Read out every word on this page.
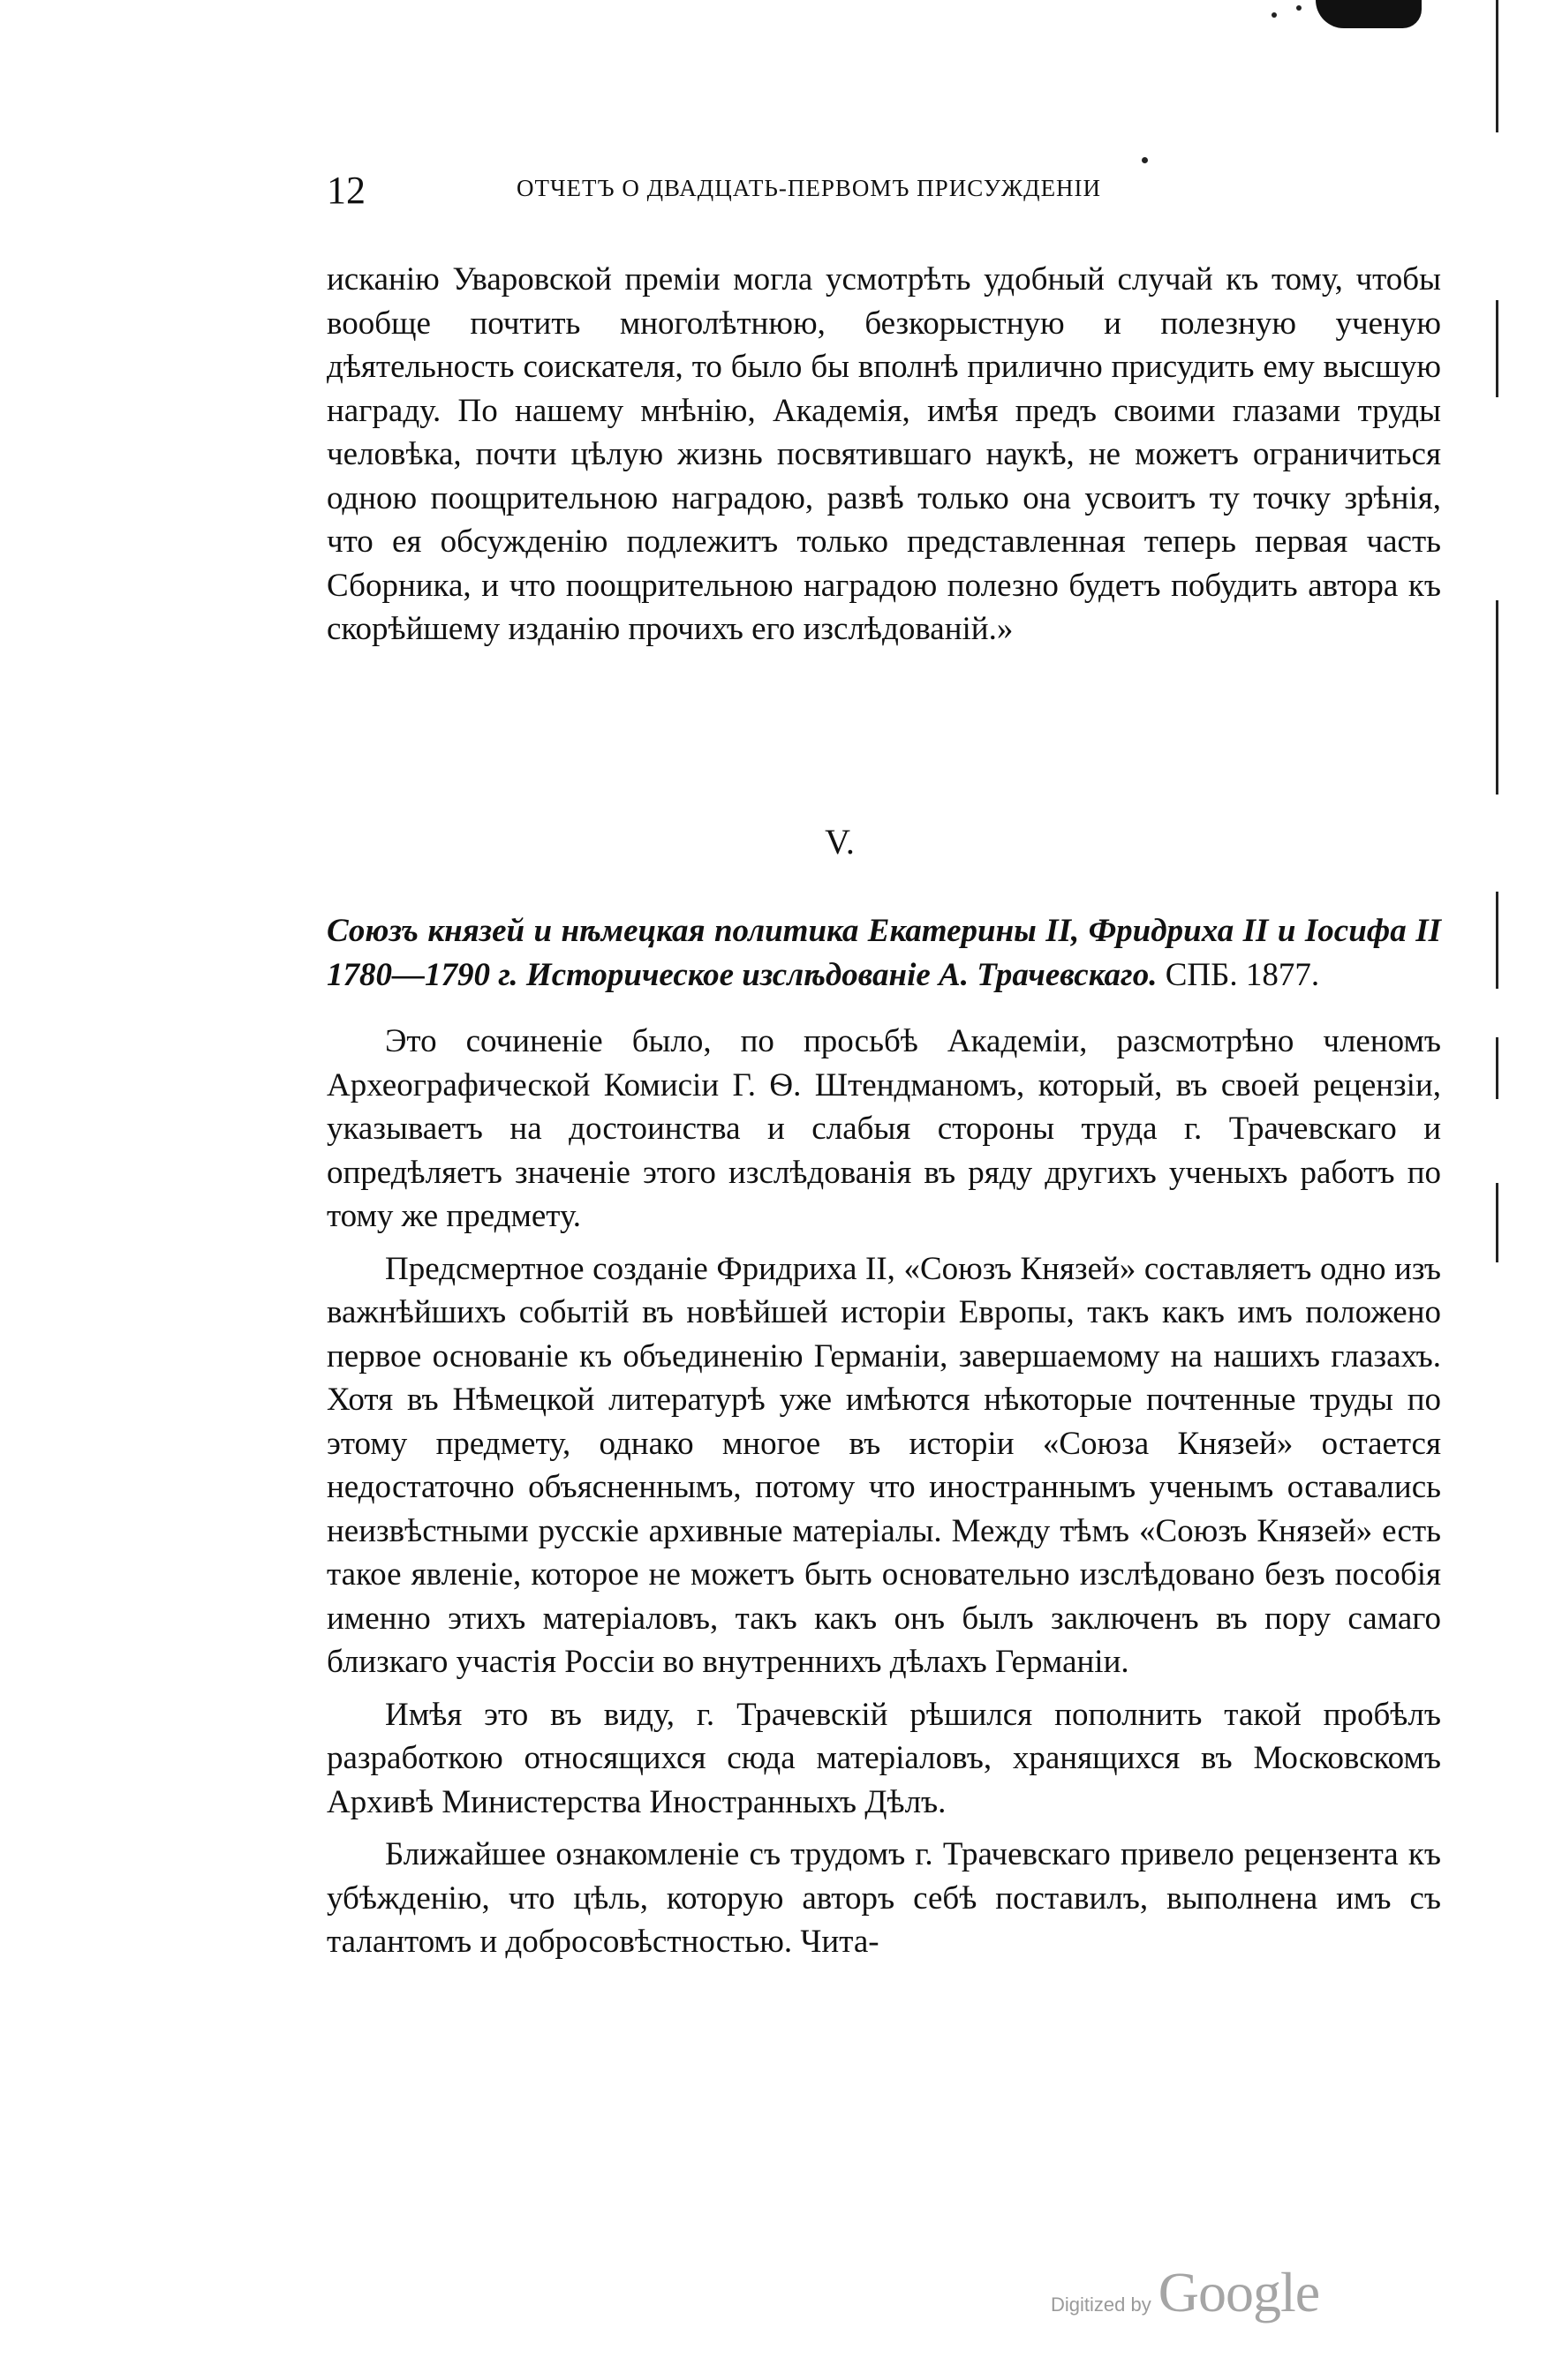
12	ОТЧЕТЪ О ДВАДЦАТЬ-ПЕРВОМЪ ПРИСУЖДЕНІИ

исканію Уваровской преміи могла усмотрѣть удобный случай къ тому, чтобы вообще почтить многолѣтнюю, безкорыстную и полезную ученую дѣятельность соискателя, то было бы вполнѣ прилично присудить ему высшую награду. По нашему мнѣнію, Академія, имѣя предъ своими глазами труды человѣка, почти цѣлую жизнь посвятившаго наукѣ, не можетъ ограничиться одною поощрительною наградою, развѣ только она усвоитъ ту точку зрѣнія, что ея обсужденію подлежитъ только представленная теперь первая часть Сборника, и что поощрительною наградою полезно будетъ побудить автора къ скорѣйшему изданію прочихъ его изслѣдованій.»

V.

Союзъ князей и нѣмецкая политика Екатерины II, Фридриха II и Іосифа II 1780—1790 г. Историческое изслѣдованіе А. Трачевскаго. СПБ. 1877.

Это сочиненіе было, по просьбѣ Академіи, разсмотрѣно членомъ Археографической Комисіи Г. Ѳ. Штендманомъ, который, въ своей рецензіи, указываетъ на достоинства и слабыя стороны труда г. Трачевскаго и опредѣляетъ значеніе этого изслѣдованія въ ряду другихъ ученыхъ работъ по тому же предмету.

Предсмертное созданіе Фридриха II, «Союзъ Князей» составляетъ одно изъ важнѣйшихъ событій въ новѣйшей исторіи Европы, такъ какъ имъ положено первое основаніе къ объединенію Германіи, завершаемому на нашихъ глазахъ. Хотя въ Нѣмецкой литературѣ уже имѣются нѣкоторые почтенные труды по этому предмету, однако многое въ исторіи «Союза Князей» остается недостаточно объясненнымъ, потому что иностраннымъ ученымъ оставались неизвѣстными русскіе архивные матеріалы. Между тѣмъ «Союзъ Князей» есть такое явленіе, которое не можетъ быть основательно изслѣдовано безъ пособія именно этихъ матеріаловъ, такъ какъ онъ былъ заключенъ въ пору самаго близкаго участія Россіи во внутреннихъ дѣлахъ Германіи.

Имѣя это въ виду, г. Трачевскій рѣшился пополнить такой пробѣлъ разработкою относящихся сюда матеріаловъ, хранящихся въ Московскомъ Архивѣ Министерства Иностранныхъ Дѣлъ.

Ближайшее ознакомленіе съ трудомъ г. Трачевскаго привело рецензента къ убѣжденію, что цѣль, которую авторъ себѣ поставилъ, выполнена имъ съ талантомъ и добросовѣстностью. Чита-

Digitized by Google
